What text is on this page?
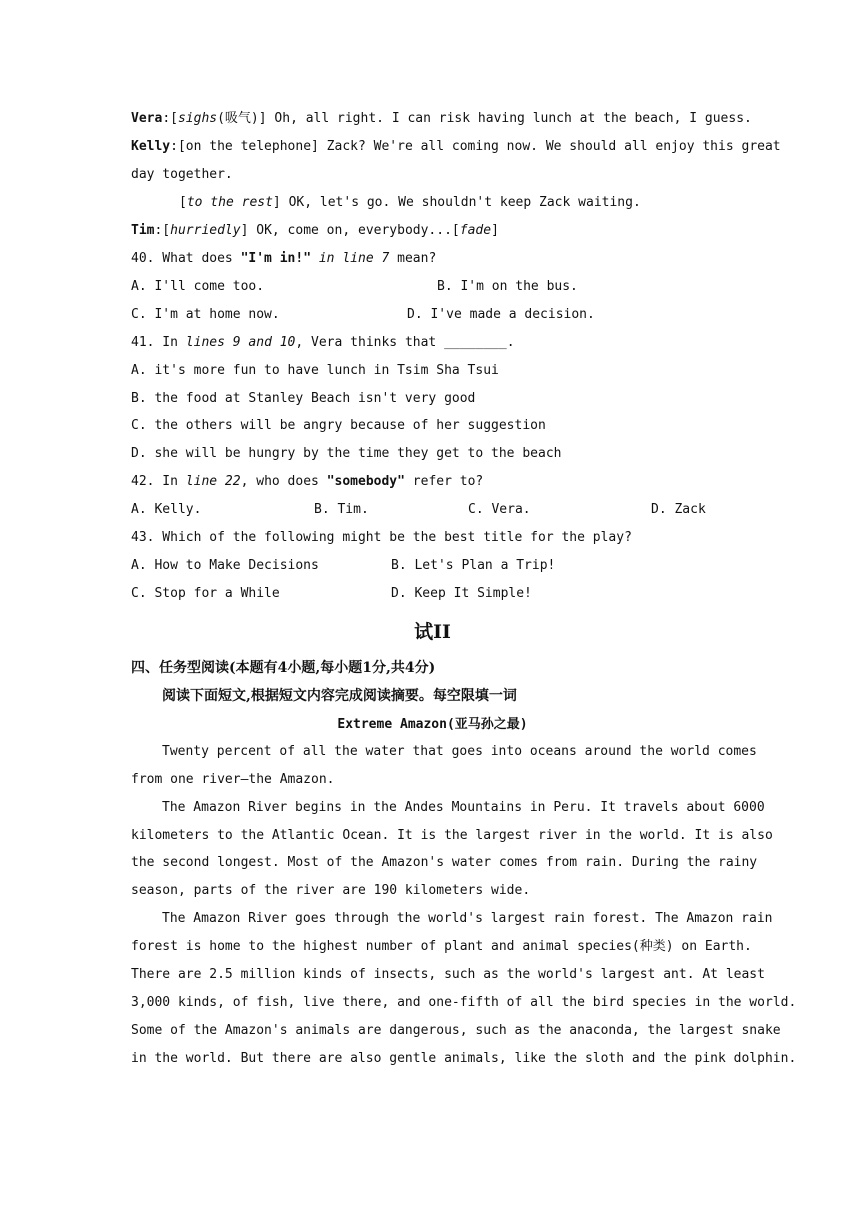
Vera:[sighs(吸气)] Oh, all right. I can risk having lunch at the beach, I guess.
Kelly:[on the telephone] Zack? We're all coming now. We should all enjoy this great
day together.
[to the rest] OK, let's go. We shouldn't keep Zack waiting.
Tim:[hurriedly] OK, come on, everybody...[fade]
40. What does "I'm in!" in line 7 mean?
A. I'll come too.	B. I'm on the bus.
C. I'm at home now.	D. I've made a decision.
41. In lines 9 and 10, Vera thinks that ________.
A. it's more fun to have lunch in Tsim Sha Tsui
B. the food at Stanley Beach isn't very good
C. the others will be angry because of her suggestion
D. she will be hungry by the time they get to the beach
42. In line 22, who does "somebody" refer to?
A. Kelly.	B. Tim.	C. Vera.	D. Zack
43. Which of the following might be the best title for the play?
A. How to Make Decisions	B. Let's Plan a Trip!
C. Stop for a While	D. Keep It Simple!
试II
四、任务型阅读(本题有4小题,每小题1分,共4分)
阅读下面短文,根据短文内容完成阅读摘要。每空限填一词
Extreme Amazon(亚马孙之最)
Twenty percent of all the water that goes into oceans around the world comes
from one river—the Amazon.
The Amazon River begins in the Andes Mountains in Peru. It travels about 6000
kilometers to the Atlantic Ocean. It is the largest river in the world. It is also
the second longest. Most of the Amazon's water comes from rain. During the rainy
season, parts of the river are 190 kilometers wide.
The Amazon River goes through the world's largest rain forest. The Amazon rain
forest is home to the highest number of plant and animal species(种类) on Earth.
There are 2.5 million kinds of insects, such as the world's largest ant. At least
3,000 kinds, of fish, live there, and one-fifth of all the bird species in the world.
Some of the Amazon's animals are dangerous, such as the anaconda, the largest snake
in the world. But there are also gentle animals, like the sloth and the pink dolphin.
